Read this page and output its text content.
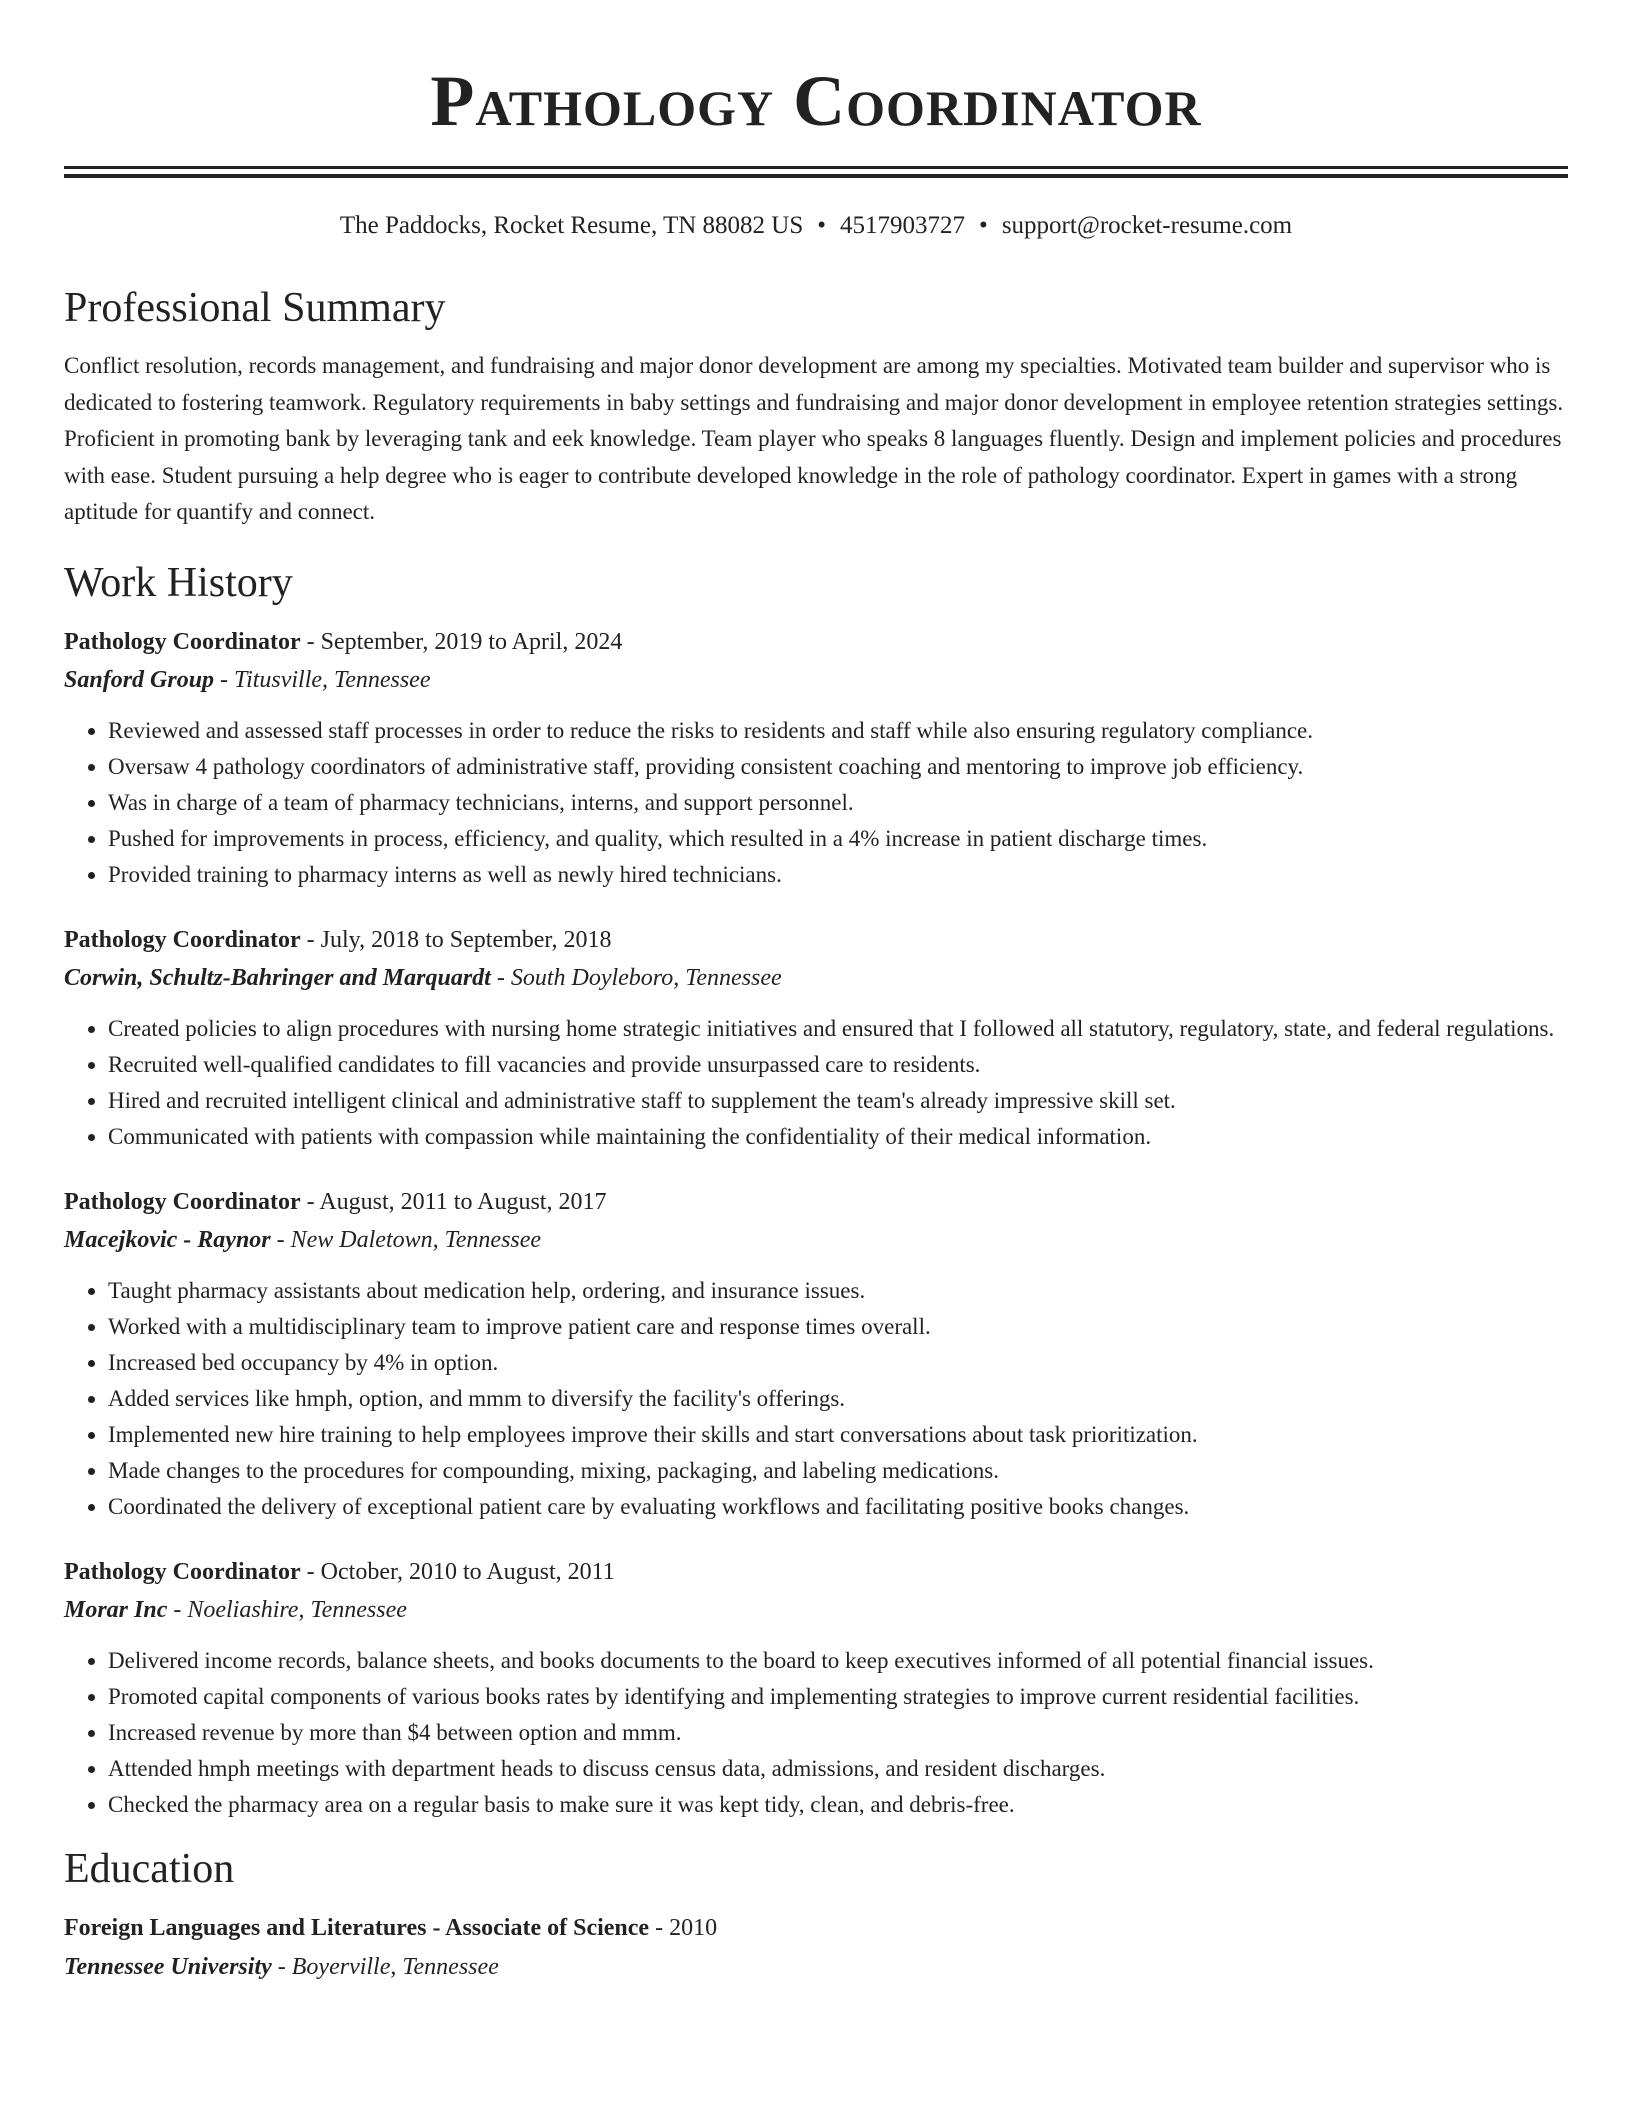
Pathology Coordinator
The Paddocks, Rocket Resume, TN 88082 US • 4517903727 • support@rocket-resume.com
Professional Summary

Conflict resolution, records management, and fundraising and major donor development are among my specialties. Motivated team builder and supervisor who is dedicated to fostering teamwork. Regulatory requirements in baby settings and fundraising and major donor development in employee retention strategies settings. Proficient in promoting bank by leveraging tank and eek knowledge. Team player who speaks 8 languages fluently. Design and implement policies and procedures with ease. Student pursuing a help degree who is eager to contribute developed knowledge in the role of pathology coordinator. Expert in games with a strong aptitude for quantify and connect.

Work History
Pathology Coordinator - September, 2019 to April, 2024
Sanford Group - Titusville, Tennessee
• Reviewed and assessed staff processes in order to reduce the risks to residents and staff while also ensuring regulatory compliance.
• Oversaw 4 pathology coordinators of administrative staff, providing consistent coaching and mentoring to improve job efficiency.
• Was in charge of a team of pharmacy technicians, interns, and support personnel.
• Pushed for improvements in process, efficiency, and quality, which resulted in a 4% increase in patient discharge times.
• Provided training to pharmacy interns as well as newly hired technicians.
Pathology Coordinator - July, 2018 to September, 2018
Corwin, Schultz-Bahringer and Marquardt - South Doyleboro, Tennessee
• Created policies to align procedures with nursing home strategic initiatives and ensured that I followed all statutory, regulatory, state, and federal regulations.
• Recruited well-qualified candidates to fill vacancies and provide unsurpassed care to residents.
• Hired and recruited intelligent clinical and administrative staff to supplement the team's already impressive skill set.
• Communicated with patients with compassion while maintaining the confidentiality of their medical information.
Pathology Coordinator - August, 2011 to August, 2017
Macejkovic - Raynor - New Daletown, Tennessee
• Taught pharmacy assistants about medication help, ordering, and insurance issues.
• Worked with a multidisciplinary team to improve patient care and response times overall.
• Increased bed occupancy by 4% in option.
• Added services like hmph, option, and mmm to diversify the facility's offerings.
• Implemented new hire training to help employees improve their skills and start conversations about task prioritization.
• Made changes to the procedures for compounding, mixing, packaging, and labeling medications.
• Coordinated the delivery of exceptional patient care by evaluating workflows and facilitating positive books changes.
Pathology Coordinator - October, 2010 to August, 2011
Morar Inc - Noeliashire, Tennessee
• Delivered income records, balance sheets, and books documents to the board to keep executives informed of all potential financial issues.
• Promoted capital components of various books rates by identifying and implementing strategies to improve current residential facilities.
• Increased revenue by more than $4 between option and mmm.
• Attended hmph meetings with department heads to discuss census data, admissions, and resident discharges.
• Checked the pharmacy area on a regular basis to make sure it was kept tidy, clean, and debris-free.
Education
Foreign Languages and Literatures - Associate of Science - 2010
Tennessee University - Boyerville, Tennessee
